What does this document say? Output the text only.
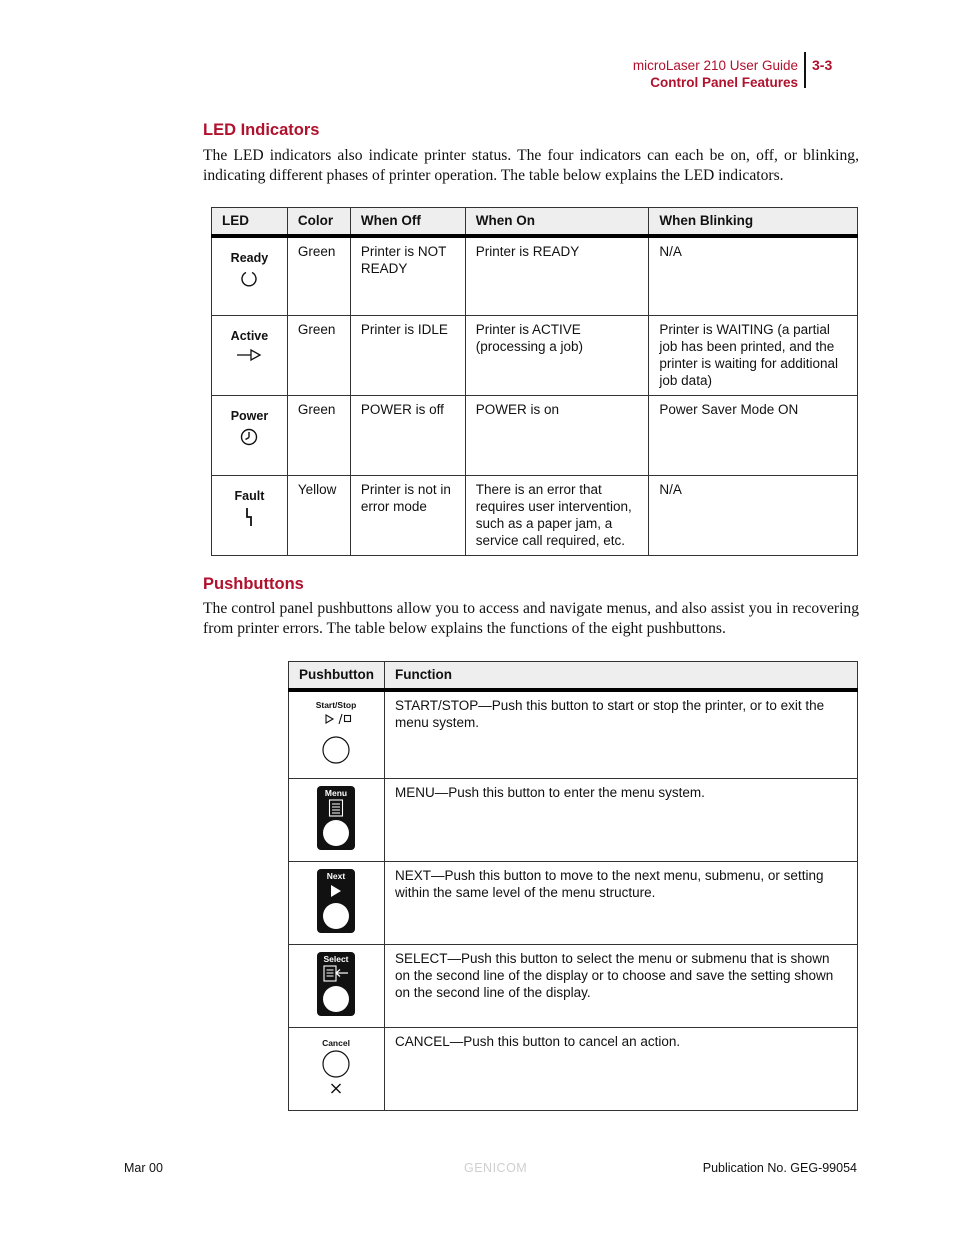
microLaser 210 User Guide
Control Panel Features
3-3
LED Indicators

The LED indicators also indicate printer status. The four indicators can each be on, off, or blinking, indicating different phases of printer operation. The table below explains the LED indicators.

LED	Color	When Off	When On	When Blinking

Ready	Green	Printer is NOT READY	Printer is READY	N/A

Active	Green	Printer is IDLE	Printer is ACTIVE (processing a job)	Printer is WAITING (a partial job has been printed, and the printer is waiting for additional job data)

Power	Green	POWER is off	POWER is on	Power Saver Mode ON

Fault	Yellow	Printer is not in error mode	There is an error that requires user intervention, such as a paper jam, a service call required, etc.	N/A
Pushbuttons

The control panel pushbuttons allow you to access and navigate menus, and also assist you in recovering from printer errors. The table below explains the functions of the eight pushbuttons.

Pushbutton	Function

Start/Stop	START/STOP—Push this button to start or stop the printer, or to exit the menu system.

Menu	MENU—Push this button to enter the menu system.

Next	NEXT—Push this button to move to the next menu, submenu, or setting within the same level of the menu structure.

Select	SELECT—Push this button to select the menu or submenu that is shown on the second line of the display or to choose and save the setting shown on the second line of the display.

Cancel	CANCEL—Push this button to cancel an action.
Mar 00	GENICOM	Publication No. GEG-99054
